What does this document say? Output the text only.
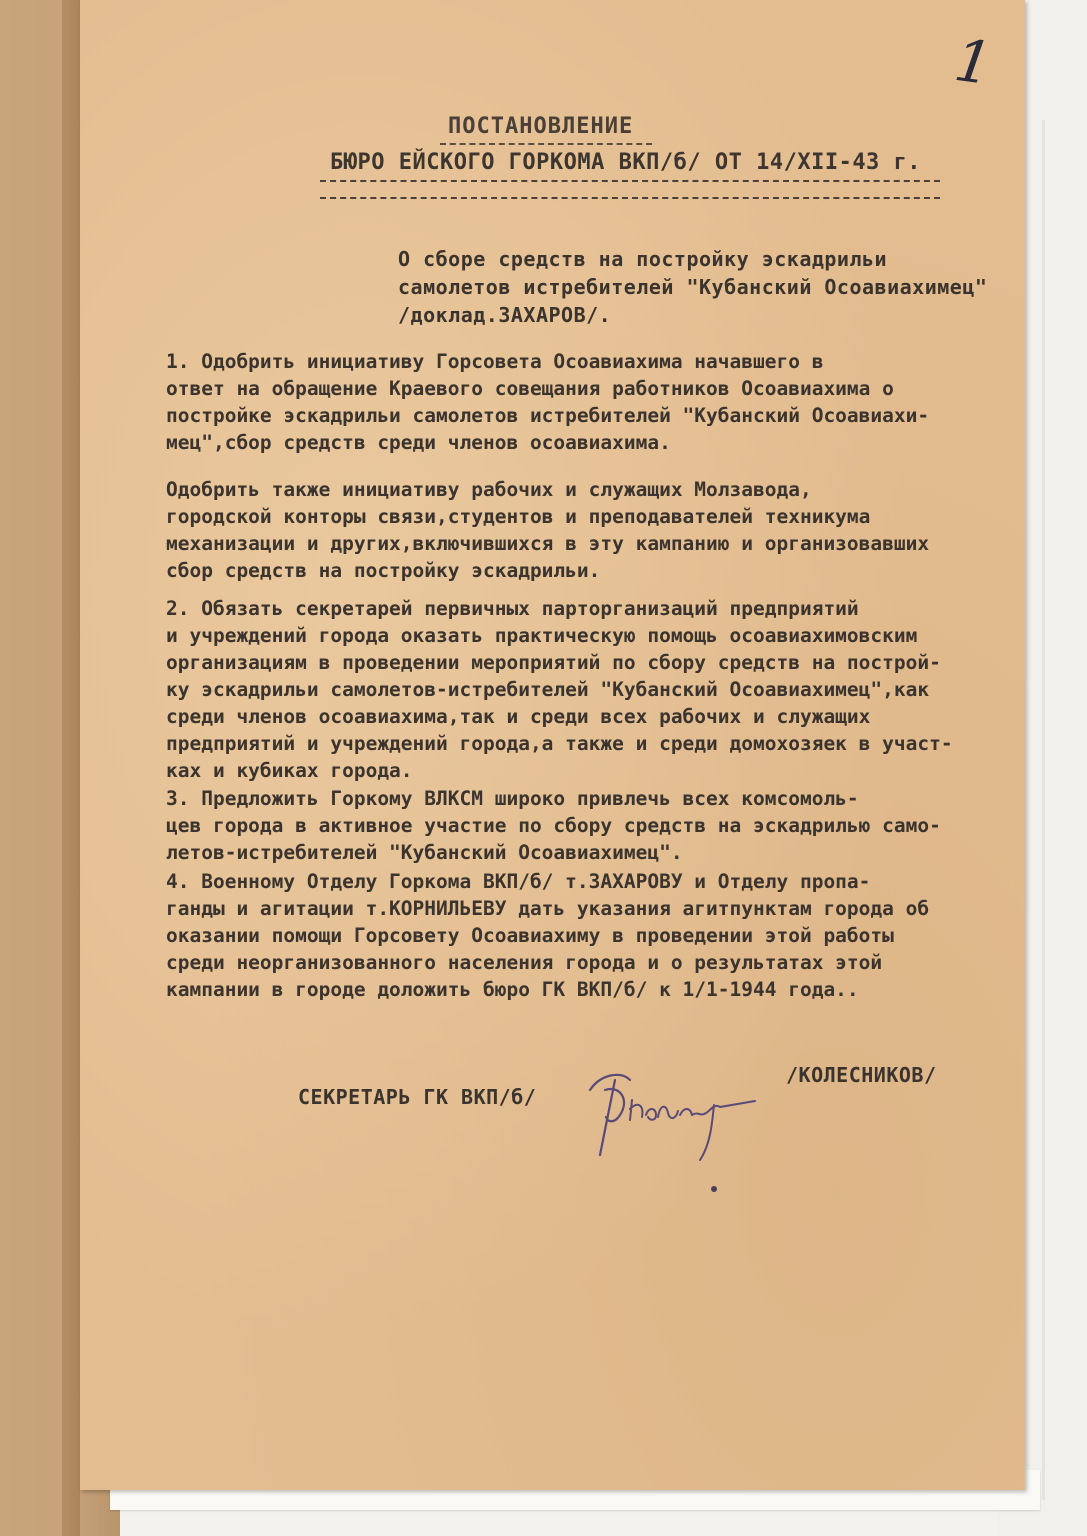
1
ПОСТАНОВЛЕНИЕ
БЮРО ЕЙСКОГО ГОРКОМА ВКП/б/ ОТ 14/XII-43 г.
О сборе средств на постройку эскадрильи
самолетов истребителей "Кубанский Осоавиахимец"
/доклад.ЗАХАРОВ/.
1. Одобрить инициативу Горсовета Осоавиахима начавшего в
ответ на обращение Краевого совещания работников Осоавиахима о
постройке эскадрильи самолетов истребителей "Кубанский Осоавиахи-
мец",сбор средств среди членов осоавиахима.
Одобрить также инициативу рабочих и служащих Молзавода,
городской конторы связи,студентов и преподавателей техникума
механизации и других,включившихся в эту кампанию и организовавших
сбор средств на постройку эскадрильи.
2. Обязать секретарей первичных парторганизаций предприятий
и учреждений города оказать практическую помощь осоавиахимовским
организациям в проведении мероприятий по сбору средств на построй-
ку эскадрильи самолетов-истребителей "Кубанский Осоавиахимец",как
среди членов осоавиахима,так и среди всех рабочих и служащих
предприятий и учреждений города,а также и среди домохозяек в участ-
ках и кубиках города.
3. Предложить Горкому ВЛКСМ широко привлечь всех комсомоль-
цев города в активное участие по сбору средств на эскадрилью само-
летов-истребителей "Кубанский Осоавиахимец".
4. Военному Отделу Горкома ВКП/б/ т.ЗАХАРОВУ и Отделу пропа-
ганды и агитации т.КОРНИЛЬЕВУ дать указания агитпунктам города об
оказании помощи Горсовету Осоавиахиму в проведении этой работы
среди неорганизованного населения города и о результатах этой
кампании в городе доложить бюро ГК ВКП/б/ к 1/1-1944 года..
СЕКРЕТАРЬ ГК ВКП/б/
/КОЛЕСНИКОВ/
